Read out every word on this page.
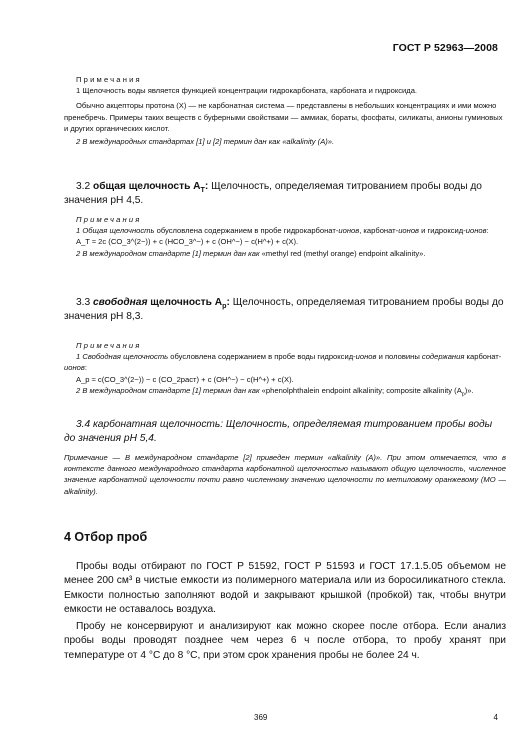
ГОСТ Р 52963—2008
Примечания
1 Щелочность воды является функцией концентрации гидрокарбоната, карбоната и гидроксида.
Обычно акцепторы протона (X) — не карбонатная система — представлены в небольших концентрациях и ими можно пренебречь. Примеры таких веществ с буферными свойствами — аммиак, бораты, фосфаты, силикаты, анионы гуминовых и других органических кислот.
2 В международных стандартах [1] и [2] термин дан как «alkalinity (A)».
3.2 общая щелочность $A_T$: Щелочность, определяемая титрованием пробы воды до значения pH 4,5.
Примечания
1 Общая щелочность обусловлена содержанием в пробе гидрокарбонат-ионов, карбонат-ионов и гидроксид-ионов:
A_T ≈ 2c (CO_3^(2−)) + c (HCO_3^−) + c (OH^−) − c(H^+) + c(X).
2 В международном стандарте [1] термин дан как «methyl red (methyl orange) endpoint alkalinity».
3.3 свободная щелочность $A_p$: Щелочность, определяемая титрованием пробы воды до значения pH 8,3.
Примечания
1 Свободная щелочность обусловлена содержанием в пробе воды гидроксид-ионов и половины содержания карбонат-ионов:
A_p ≈ c(CO_3^(2−)) − c (CO_2раст) + c (OH^−) − c(H^+) + c(X).
2 В международном стандарте [1] термин дан как «phenolphthalein endpoint alkalinity; composite alkalinity $(A_p)$».
3.4 карбонатная щелочность: Щелочность, определяемая титрованием пробы воды до значения pH 5,4.
Примечание — В международном стандарте [2] приведен термин «alkalinity (A)». При этом отмечается, что в контексте данного международного стандарта карбонатной щелочностью называют общую щелочность, численное значение карбонатной щелочности почти равно численному значению щелочности по метиловому оранжевому (MO — alkalinity).
4 Отбор проб
Пробы воды отбирают по ГОСТ Р 51592, ГОСТ Р 51593 и ГОСТ 17.1.5.05 объемом не менее 200 см³ в чистые емкости из полимерного материала или из боросиликатного стекла. Емкости полностью заполняют водой и закрывают крышкой (пробкой) так, чтобы внутри емкости не оставалось воздуха.
Пробу не консервируют и анализируют как можно скорее после отбора. Если анализ пробы воды проводят позднее чем через 6 ч после отбора, то пробу хранят при температуре от 4 °С до 8 °С, при этом срок хранения пробы не более 24 ч.
369	4
